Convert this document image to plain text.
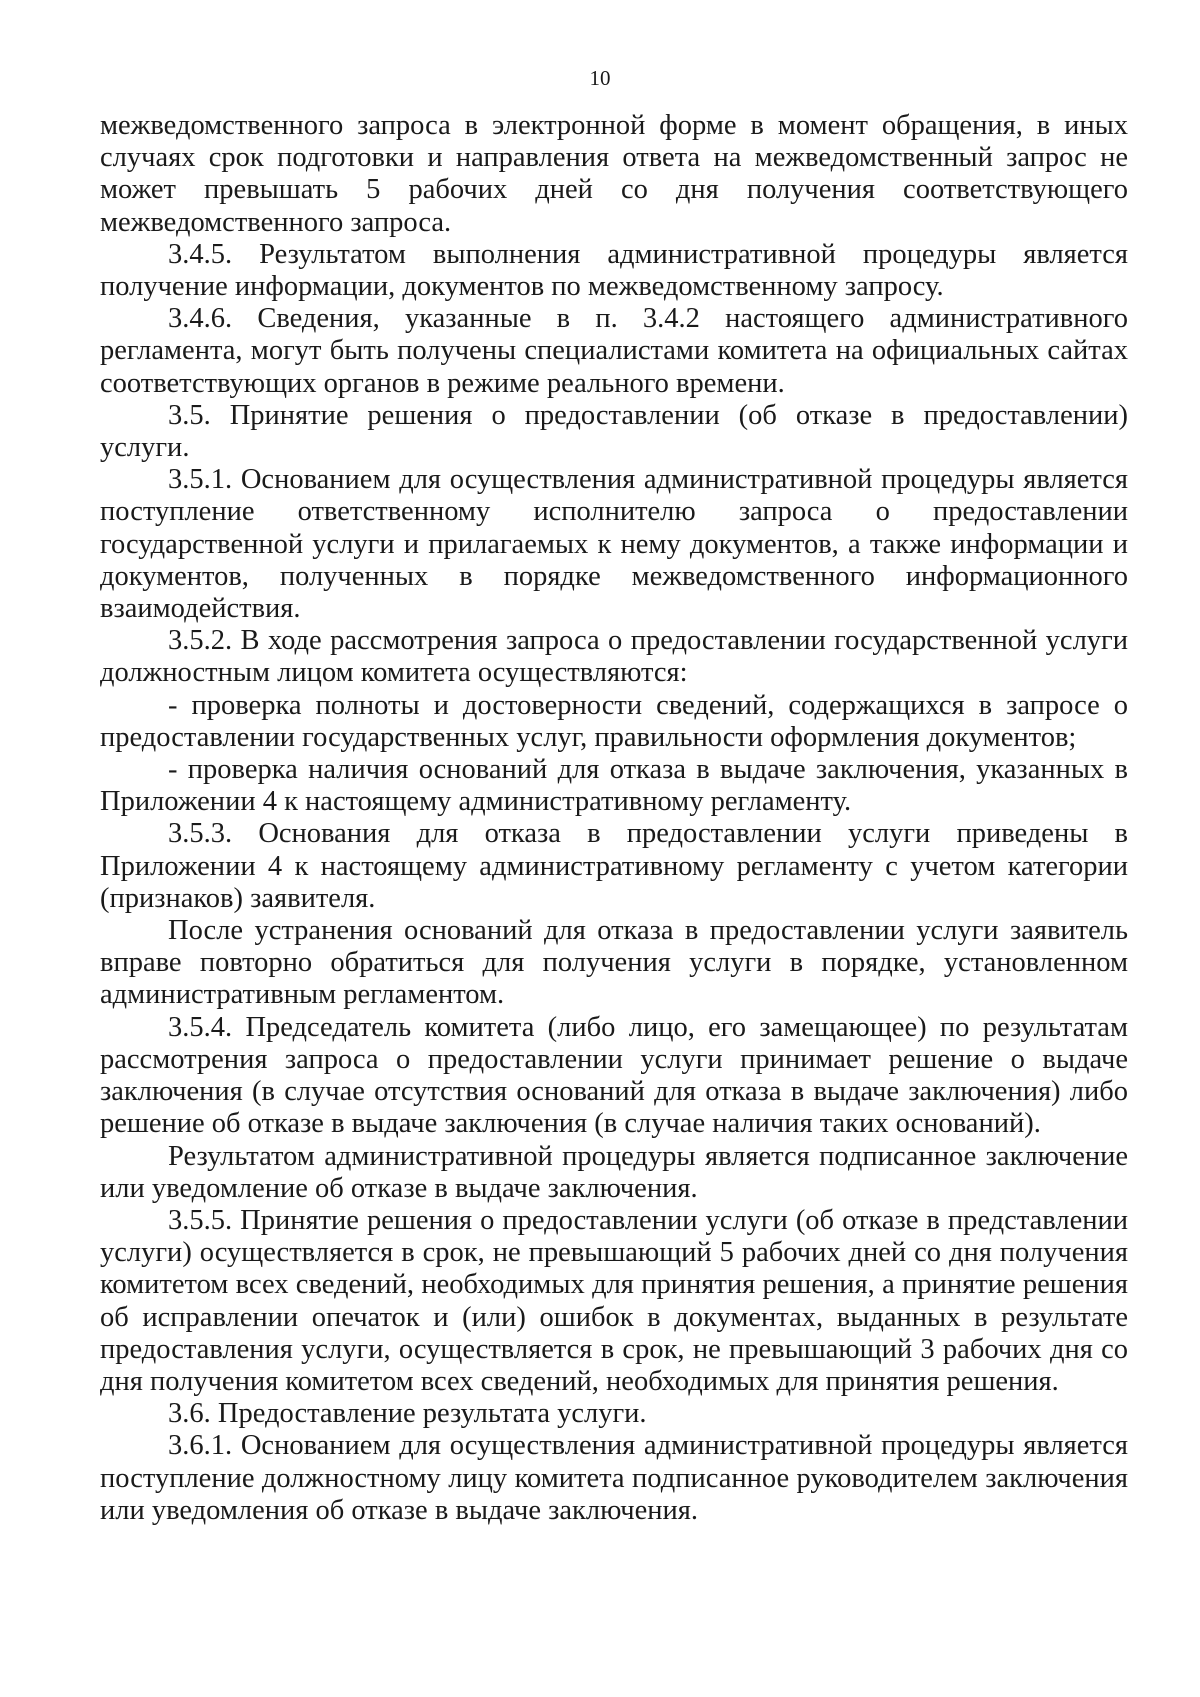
10

межведомственного запроса в электронной форме в момент обращения, в иных случаях срок подготовки и направления ответа на межведомственный запрос не может превышать 5 рабочих дней со дня получения соответствующего межведомственного запроса.

3.4.5. Результатом выполнения административной процедуры является получение информации, документов по межведомственному запросу.

3.4.6. Сведения, указанные в п. 3.4.2 настоящего административного регламента, могут быть получены специалистами комитета на официальных сайтах соответствующих органов в режиме реального времени.

3.5. Принятие решения о предоставлении (об отказе в предоставлении) услуги.

3.5.1. Основанием для осуществления административной процедуры является поступление ответственному исполнителю запроса о предоставлении государственной услуги и прилагаемых к нему документов, а также информации и документов, полученных в порядке межведомственного информационного взаимодействия.

3.5.2. В ходе рассмотрения запроса о предоставлении государственной услуги должностным лицом комитета осуществляются:

- проверка полноты и достоверности сведений, содержащихся в запросе о предоставлении государственных услуг, правильности оформления документов;

- проверка наличия оснований для отказа в выдаче заключения, указанных в Приложении 4 к настоящему административному регламенту.

3.5.3. Основания для отказа в предоставлении услуги приведены в Приложении 4 к настоящему административному регламенту с учетом категории (признаков) заявителя.

После устранения оснований для отказа в предоставлении услуги заявитель вправе повторно обратиться для получения услуги в порядке, установленном административным регламентом.

3.5.4. Председатель комитета (либо лицо, его замещающее) по результатам рассмотрения запроса о предоставлении услуги принимает решение о выдаче заключения (в случае отсутствия оснований для отказа в выдаче заключения) либо решение об отказе в выдаче заключения (в случае наличия таких оснований).

Результатом административной процедуры является подписанное заключение или уведомление об отказе в выдаче заключения.

3.5.5. Принятие решения о предоставлении услуги (об отказе в представлении услуги) осуществляется в срок, не превышающий 5 рабочих дней со дня получения комитетом всех сведений, необходимых для принятия решения, а принятие решения об исправлении опечаток и (или) ошибок в документах, выданных в результате предоставления услуги, осуществляется в срок, не превышающий 3 рабочих дня со дня получения комитетом всех сведений, необходимых для принятия решения.

3.6. Предоставление результата услуги.

3.6.1. Основанием для осуществления административной процедуры является поступление должностному лицу комитета подписанное руководителем заключения или уведомления об отказе в выдаче заключения.
